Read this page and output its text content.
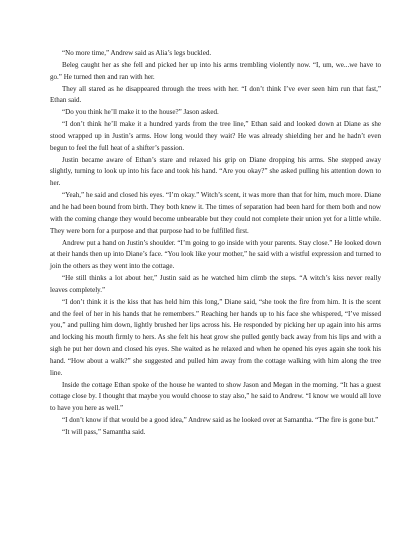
“No more time,” Andrew said as Alia’s legs buckled.

Beleg caught her as she fell and picked her up into his arms trembling violently now. “I, um, we...we have to go.” He turned then and ran with her.

They all stared as he disappeared through the trees with her. “I don’t think I’ve ever seen him run that fast,” Ethan said.

“Do you think he’ll make it to the house?” Jason asked.

“I don’t think he’ll make it a hundred yards from the tree line,” Ethan said and looked down at Diane as she stood wrapped up in Justin’s arms. How long would they wait? He was already shielding her and he hadn’t even begun to feel the full heat of a shifter’s passion.

Justin became aware of Ethan’s stare and relaxed his grip on Diane dropping his arms. She stepped away slightly, turning to look up into his face and took his hand. “Are you okay?” she asked pulling his attention down to her.

“Yeah,” he said and closed his eyes. “I’m okay.” Witch’s scent, it was more than that for him, much more. Diane and he had been bound from birth. They both knew it. The times of separation had been hard for them both and now with the coming change they would become unbearable but they could not complete their union yet for a little while. They were born for a purpose and that purpose had to be fulfilled first.

Andrew put a hand on Justin’s shoulder. “I’m going to go inside with your parents. Stay close.” He looked down at their hands then up into Diane’s face. “You look like your mother,” he said with a wistful expression and turned to join the others as they went into the cottage.

“He still thinks a lot about her,” Justin said as he watched him climb the steps. “A witch’s kiss never really leaves completely.”

“I don’t think it is the kiss that has held him this long,” Diane said, “she took the fire from him. It is the scent and the feel of her in his hands that he remembers.” Reaching her hands up to his face she whispered, “I’ve missed you,” and pulling him down, lightly brushed her lips across his. He responded by picking her up again into his arms and locking his mouth firmly to hers. As she felt his heat grow she pulled gently back away from his lips and with a sigh he put her down and closed his eyes. She waited as he relaxed and when he opened his eyes again she took his hand. “How about a walk?” she suggested and pulled him away from the cottage walking with him along the tree line.

Inside the cottage Ethan spoke of the house he wanted to show Jason and Megan in the morning. “It has a guest cottage close by. I thought that maybe you would choose to stay also,” he said to Andrew. “I know we would all love to have you here as well.”

“I don’t know if that would be a good idea,” Andrew said as he looked over at Samantha. “The fire is gone but.”

“It will pass,” Samantha said.
